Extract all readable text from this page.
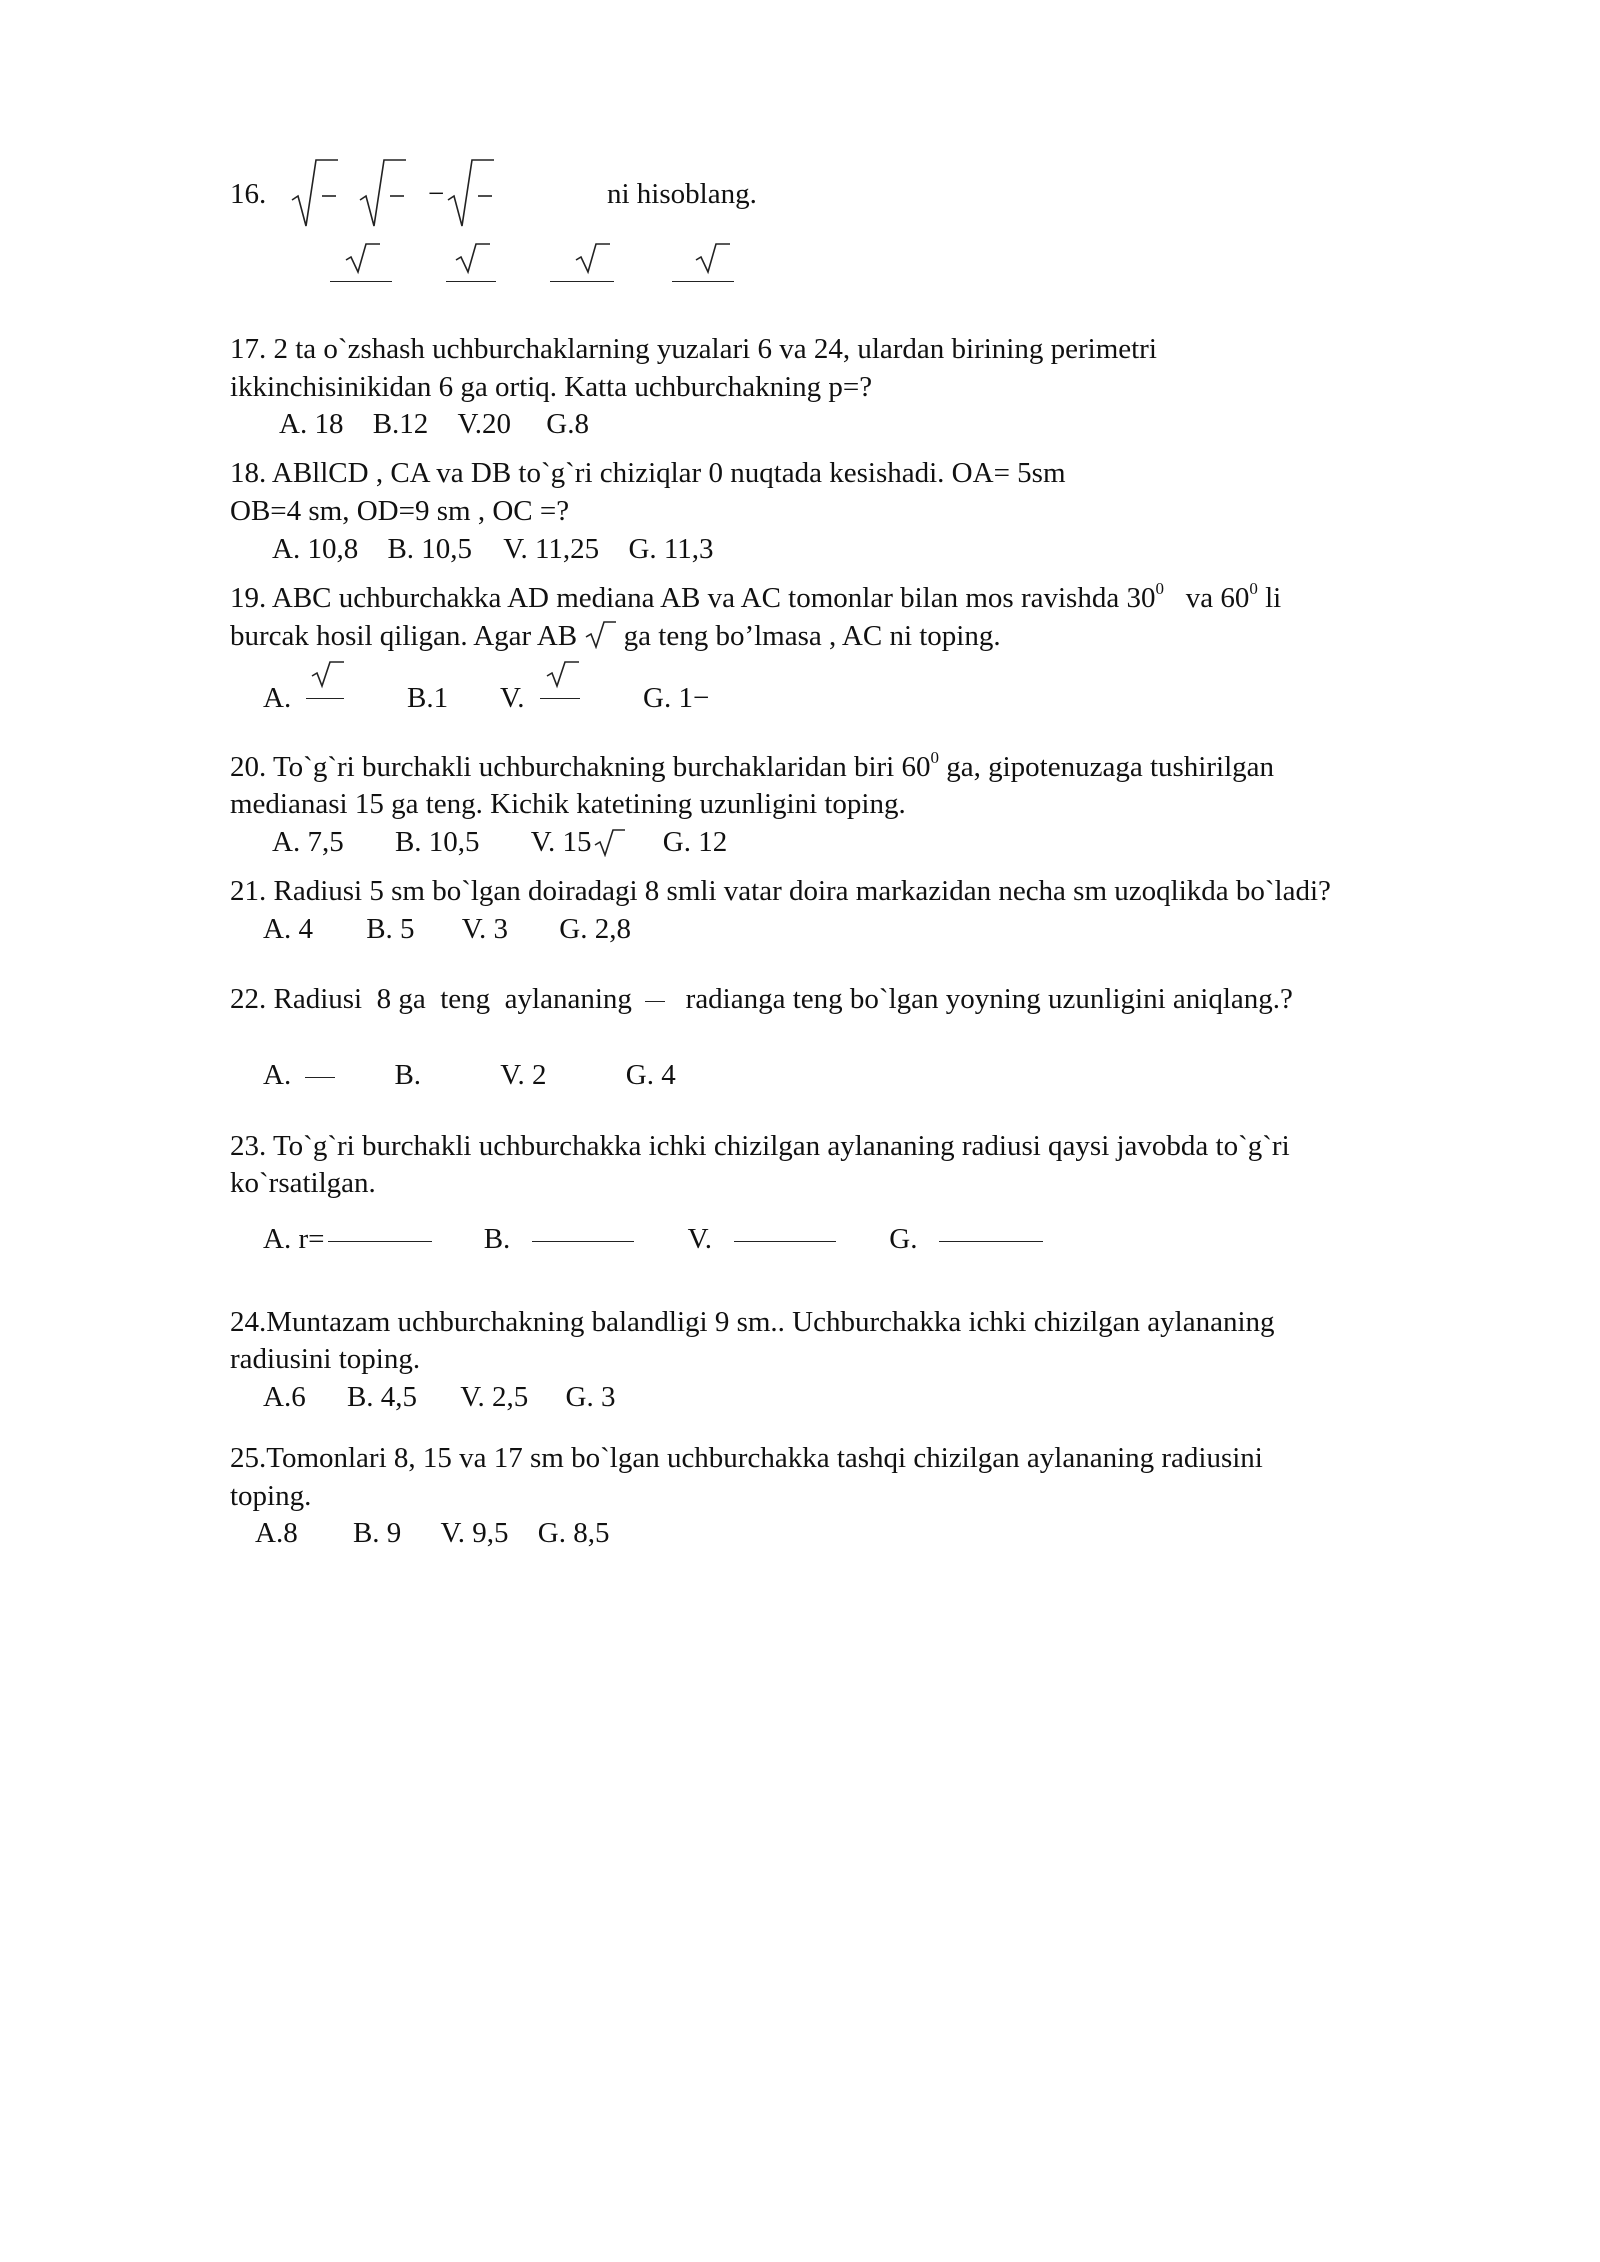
16.	−	ni hisoblang.
17. 2 ta o`zshash uchburchaklarning yuzalari 6 va 24, ulardan birining perimetri
ikkinchisinikidan 6 ga ortiq. Katta uchburchakning p=?
A. 18 B.12 V.20 G.8
18. ABllCD , CA va DB to`g`ri chiziqlar 0 nuqtada kesishadi. OA= 5sm
OB=4 sm, OD=9 sm , OC =?
A. 10,8 B. 10,5 V. 11,25 G. 11,3
19. ABC uchburchakka AD mediana AB va AC tomonlar bilan mos ravishda $30^0$   va $60^0$ li
burcak hosil qiligan. Agar AB  ga teng bo’lmasa , AC ni toping.
A.	B.1 V.	G. 1−
20. To`g`ri burchakli uchburchakning burchaklaridan biri $60^0$ ga, gipotenuzaga tushirilgan
medianasi 15 ga teng. Kichik katetining uzunligini toping.
A. 7,5 B. 10,5 V. 15 G. 12
21. Radiusi 5 sm bo`lgan doiradagi 8 smli vatar doira markazidan necha sm uzoqlikda bo`ladi?
A. 4 B. 5 V. 3 G. 2,8
22. Radiusi  8 ga  teng  aylananing   radianga teng bo`lgan yoyning uzunligini aniqlang.?
A.	B.	V. 2	G. 4
23. To`g`ri burchakli uchburchakka ichki chizilgan aylananing radiusi qaysi javobda to`g`ri
ko`rsatilgan.
A. r=	B.	V.	G.
24.Muntazam uchburchakning balandligi 9 sm.. Uchburchakka ichki chizilgan aylananing
radiusini toping.
A.6 B. 4,5 V. 2,5 G. 3
25.Tomonlari 8, 15 va 17 sm bo`lgan uchburchakka tashqi chizilgan aylananing radiusini
toping.
A.8 B. 9 V. 9,5 G. 8,5
